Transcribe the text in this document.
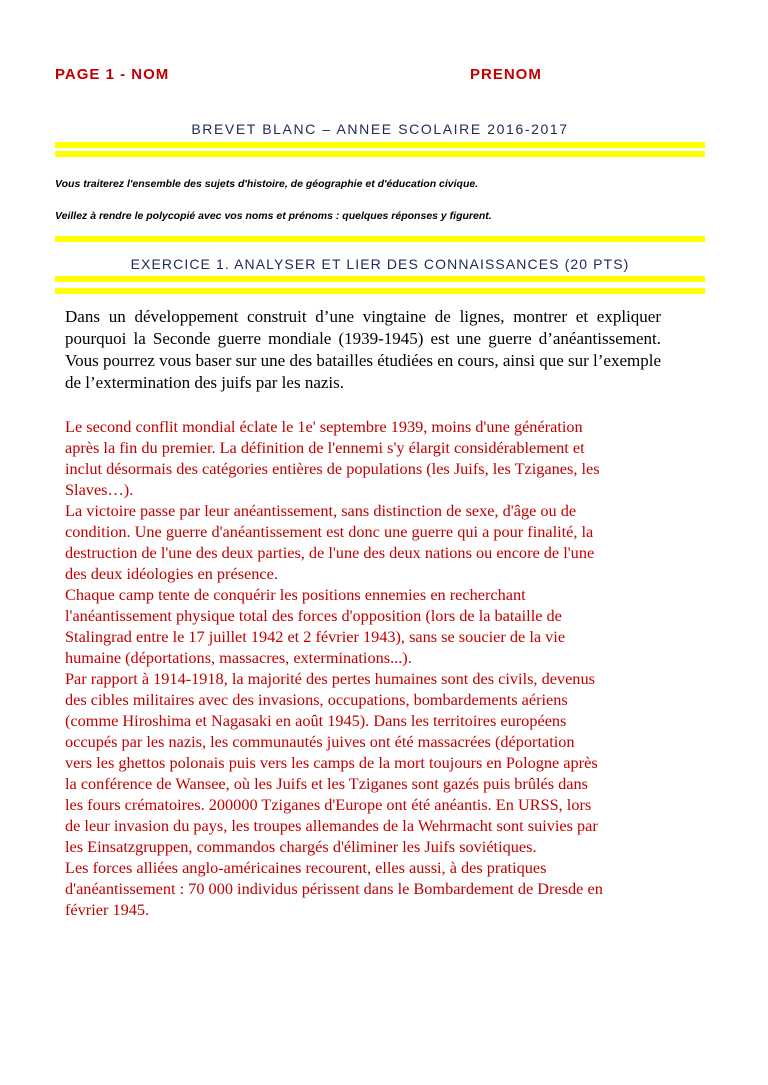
PAGE 1 - NOM	PRENOM
BREVET BLANC – ANNEE SCOLAIRE 2016-2017
Vous traiterez l'ensemble des sujets d'histoire, de géographie et d'éducation civique.
Veillez à rendre le polycopié avec vos noms et prénoms : quelques réponses y figurent.
EXERCICE 1. ANALYSER ET LIER DES CONNAISSANCES (20 PTS)
Dans un développement construit d’une vingtaine de lignes, montrer et expliquer pourquoi la Seconde guerre mondiale (1939-1945) est une guerre d’anéantissement. Vous pourrez vous baser sur une des batailles étudiées en cours, ainsi que sur l’exemple de l’extermination des juifs par les nazis.

Le second conflit mondial éclate le 1e' septembre 1939, moins d'une génération

après la fin du premier. La définition de l'ennemi s'y élargit considérablement et

inclut désormais des catégories entières de populations (les Juifs, les Tziganes, les

Slaves…).

La victoire passe par leur anéantissement, sans distinction de sexe, d'âge ou de

condition. Une guerre d'anéantissement est donc une guerre qui a pour finalité, la

destruction de l'une des deux parties, de l'une des deux nations ou encore de l'une

des deux idéologies en présence.

Chaque camp tente de conquérir les positions ennemies en recherchant

l'anéantissement physique total des forces d'opposition (lors de la bataille de

Stalingrad entre le 17 juillet 1942 et 2 février 1943), sans se soucier de la vie

humaine (déportations, massacres, exterminations...).

Par rapport à 1914-1918, la majorité des pertes humaines sont des civils, devenus

des cibles militaires avec des invasions, occupations, bombardements aériens

(comme Hiroshima et Nagasaki en août 1945). Dans les territoires européens

occupés par les nazis, les communautés juives ont été massacrées (déportation

vers les ghettos polonais puis vers les camps de la mort toujours en Pologne après

la conférence de Wansee, où les Juifs et les Tziganes sont gazés puis brûlés dans

les fours crématoires. 200000 Tziganes d'Europe ont été anéantis. En URSS, lors

de leur invasion du pays, les troupes allemandes de la Wehrmacht sont suivies par

les Einsatzgruppen, commandos chargés d'éliminer les Juifs soviétiques.

Les forces alliées anglo-américaines recourent, elles aussi, à des pratiques

d'anéantissement : 70 000 individus périssent dans le Bombardement de Dresde en

février 1945.
